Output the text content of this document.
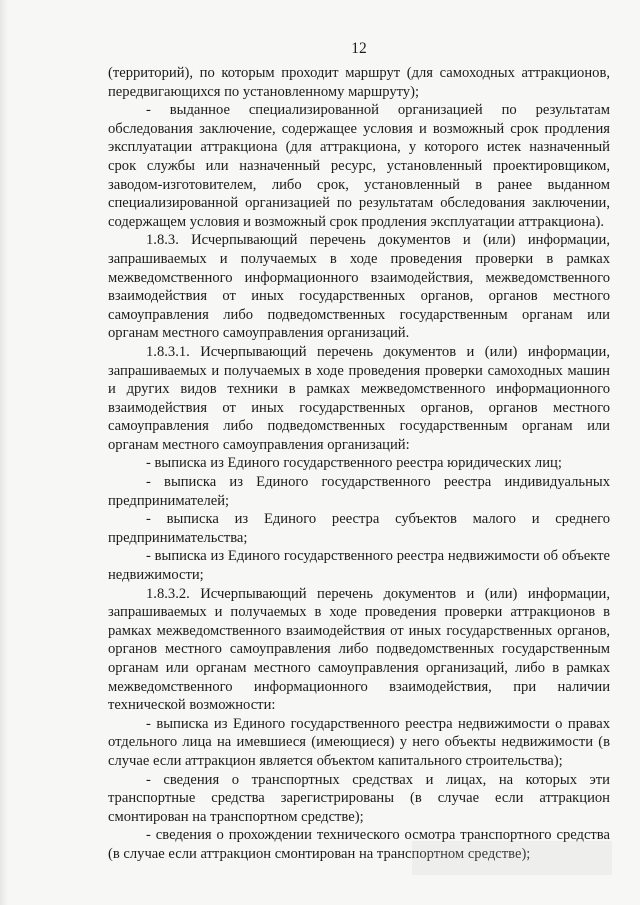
12

(территорий), по которым проходит маршрут (для самоходных аттракционов, передвигающихся по установленному маршруту);

- выданное специализированной организацией по результатам обследования заключение, содержащее условия и возможный срок продления эксплуатации аттракциона (для аттракциона, у которого истек назначенный срок службы или назначенный ресурс, установленный проектировщиком, заводом-изготовителем, либо срок, установленный в ранее выданном специализированной организацией по результатам обследования заключении, содержащем условия и возможный срок продления эксплуатации аттракциона).

1.8.3. Исчерпывающий перечень документов и (или) информации, запрашиваемых и получаемых в ходе проведения проверки в рамках межведомственного информационного взаимодействия, межведомственного взаимодействия от иных государственных органов, органов местного самоуправления либо подведомственных государственным органам или органам местного самоуправления организаций.

1.8.3.1. Исчерпывающий перечень документов и (или) информации, запрашиваемых и получаемых в ходе проведения проверки самоходных машин и других видов техники в рамках межведомственного информационного взаимодействия от иных государственных органов, органов местного самоуправления либо подведомственных государственным органам или органам местного самоуправления организаций:

- выписка из Единого государственного реестра юридических лиц;

- выписка из Единого государственного реестра индивидуальных предпринимателей;

- выписка из Единого реестра субъектов малого и среднего предпринимательства;

- выписка из Единого государственного реестра недвижимости об объекте недвижимости;

1.8.3.2. Исчерпывающий перечень документов и (или) информации, запрашиваемых и получаемых в ходе проведения проверки аттракционов в рамках межведомственного взаимодействия от иных государственных органов, органов местного самоуправления либо подведомственных государственным органам или органам местного самоуправления организаций, либо в рамках межведомственного информационного взаимодействия, при наличии технической возможности:

- выписка из Единого государственного реестра недвижимости о правах отдельного лица на имевшиеся (имеющиеся) у него объекты недвижимости (в случае если аттракцион является объектом капитального строительства);

- сведения о транспортных средствах и лицах, на которых эти транспортные средства зарегистрированы (в случае если аттракцион смонтирован на транспортном средстве);

- сведения о прохождении технического осмотра транспортного средства (в случае если аттракцион смонтирован на транспортном средстве);
